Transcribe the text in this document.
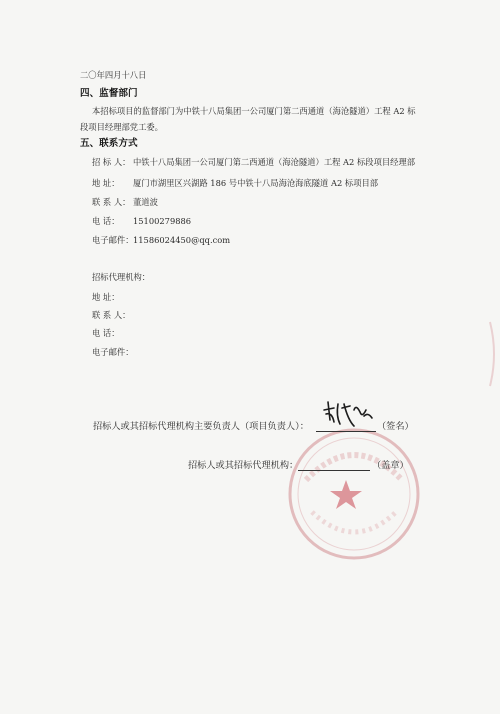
二〇年四月十八日
四、监督部门
本招标项目的监督部门为中铁十八局集团一公司厦门第二西通道（海沧隧道）工程 A2 标
段项目经理部党工委。
五、联系方式
招 标 人： 中铁十八局集团一公司厦门第二西通道（海沧隧道）工程 A2 标段项目经理部
地 址： 厦门市湖里区兴湖路 186 号中铁十八局海沧海底隧道 A2 标项目部
联 系 人： 董道波
电 话： 15100279886
电子邮件：11586024450@qq.com
招标代理机构：
地 址：
联 系 人：
电 话：
电子邮件：
招标人或其招标代理机构主要负责人（项目负责人）：	（签名）
招标人或其招标代理机构：	（盖章）
